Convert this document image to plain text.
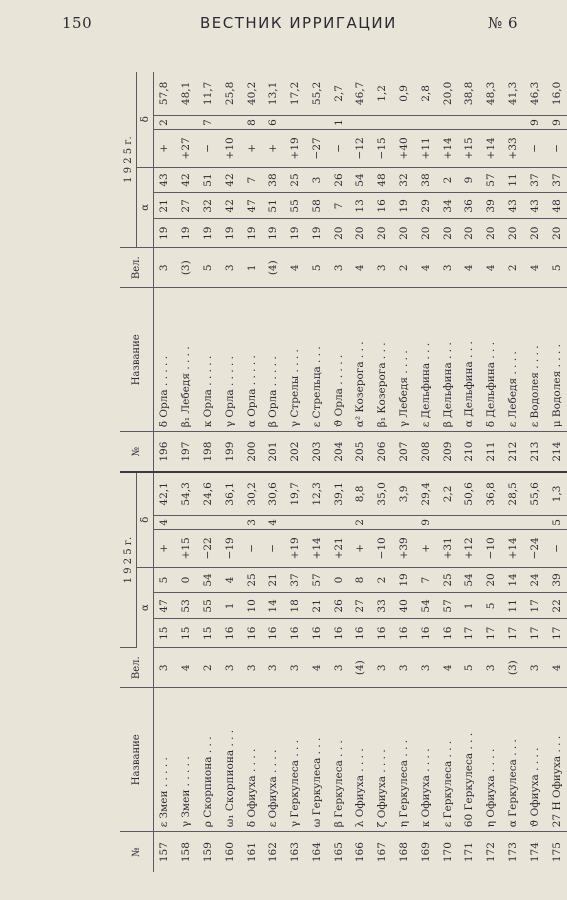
150	ВЕСТНИК ИРРИГАЦИИ	№ 6
№	Название	Вел.	1 9 2 5 г.						№	Название	Вел.	1 9 2 5 г.					
			α			δ						α			δ		
157	ε Змеи . . . . .	3	15	47	5	+	4	42,1	196	δ Орла . . . . .	3	19	21	43	+	2	57,8
158	γ Змеи . . . . .	4	15	53	0	+15		54,3	197	β₁ Лебедя . . . .	(3)	19	27	42	+27		48,1
159	ρ Скорпиона . . .	2	15	55	54	−22		24,6	198	κ Орла . . . . .	5	19	32	51	−	7	11,7
160	ω₁ Скорпиона . . .	3	16	1	4	−19		36,1	199	γ Орла . . . . .	3	19	42	42	+10		25,8
161	δ Офиуха . . . .	3	16	10	25	−	3	30,2	200	α Орла . . . . .	1	19	47	7	+	8	40,2
162	ε Офиуха . . . .	3	16	14	21	−	4	30,6	201	β Орла . . . . .	(4)	19	51	38	+	6	13,1
163	γ Геркулеса . . .	3	16	18	37	+19		19,7	202	γ Стрелы . . . .	4	19	55	25	+19		17,2
164	ω Геркулеса . . .	4	16	21	57	+14		12,3	203	ε Стрельца . . .	5	19	58	3	−27		55,2
165	β Геркулеса . . .	3	16	26	0	+21		39,1	204	ϑ Орла . . . . .	3	20	7	26	−	1	2,7
166	λ Офиуха . . . .	(4)	16	27	8	+	2	8,8	205	α² Козерога . . .	4	20	13	54	−12		46,7
167	ζ Офиуха . . . .	3	16	33	2	−10		35,0	206	β₁ Козерога . . .	3	20	16	48	−15		1,2
168	η Геркулеса . . .	3	16	40	19	+39		3,9	207	γ Лебедя . . . .	2	20	19	32	+40		0,9
169	κ Офиуха . . . .	3	16	54	7	+	9	29,4	208	ε Дельфина . . .	4	20	29	38	+11		2,8
170	ε Геркулеса . . .	4	16	57	25	+31		2,2	209	β Дельфина . . .	3	20	34	2	+14		20,0
171	60 Геркулеса . . .	5	17	1	54	+12		50,6	210	α Дельфина . . .	4	20	36	9	+15		38,8
172	η Офиуха . . . .	3	17	5	20	−10		36,8	211	δ Дельфина . . .	4	20	39	57	+14		48,3
173	α Геркулеса . . .	(3)	17	11	14	+14		28,5	212	ε Лебедя . . . .	2	20	43	11	+33		41,3
174	ϑ Офиуха . . . .	3	17	17	24	−24		55,6	213	ε Водолея . . . .	4	20	43	37	−	9	46,3
175	27 Н Офиуха . . .	4	17	22	39	−	5	1,3	214	μ Водолея . . . .	5	20	48	37	−	9	16,0
